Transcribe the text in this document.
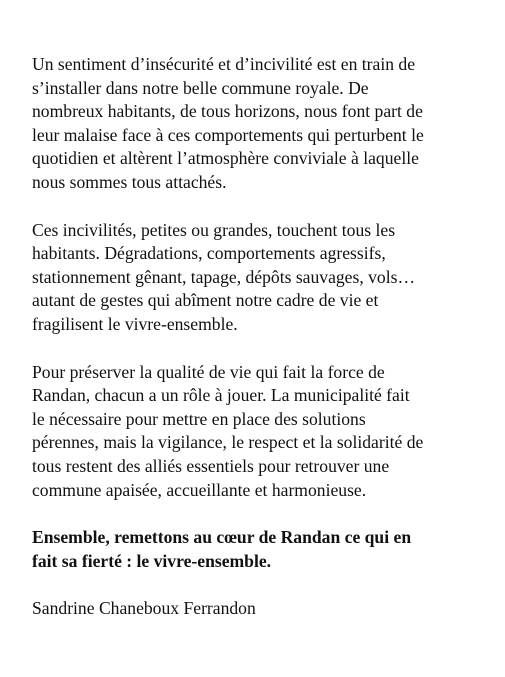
Un sentiment d’insécurité et d’incivilité est en train de
s’installer dans notre belle commune royale. De
nombreux habitants, de tous horizons, nous font part de
leur malaise face à ces comportements qui perturbent le
quotidien et altèrent l’atmosphère conviviale à laquelle
nous sommes tous attachés.

Ces incivilités, petites ou grandes, touchent tous les
habitants. Dégradations, comportements agressifs,
stationnement gênant, tapage, dépôts sauvages, vols…
autant de gestes qui abîment notre cadre de vie et
fragilisent le vivre-ensemble.

Pour préserver la qualité de vie qui fait la force de
Randan, chacun a un rôle à jouer. La municipalité fait
le nécessaire pour mettre en place des solutions
pérennes, mais la vigilance, le respect et la solidarité de
tous restent des alliés essentiels pour retrouver une
commune apaisée, accueillante et harmonieuse.

Ensemble, remettons au cœur de Randan ce qui en
fait sa fierté : le vivre-ensemble.

Sandrine Chaneboux Ferrandon
